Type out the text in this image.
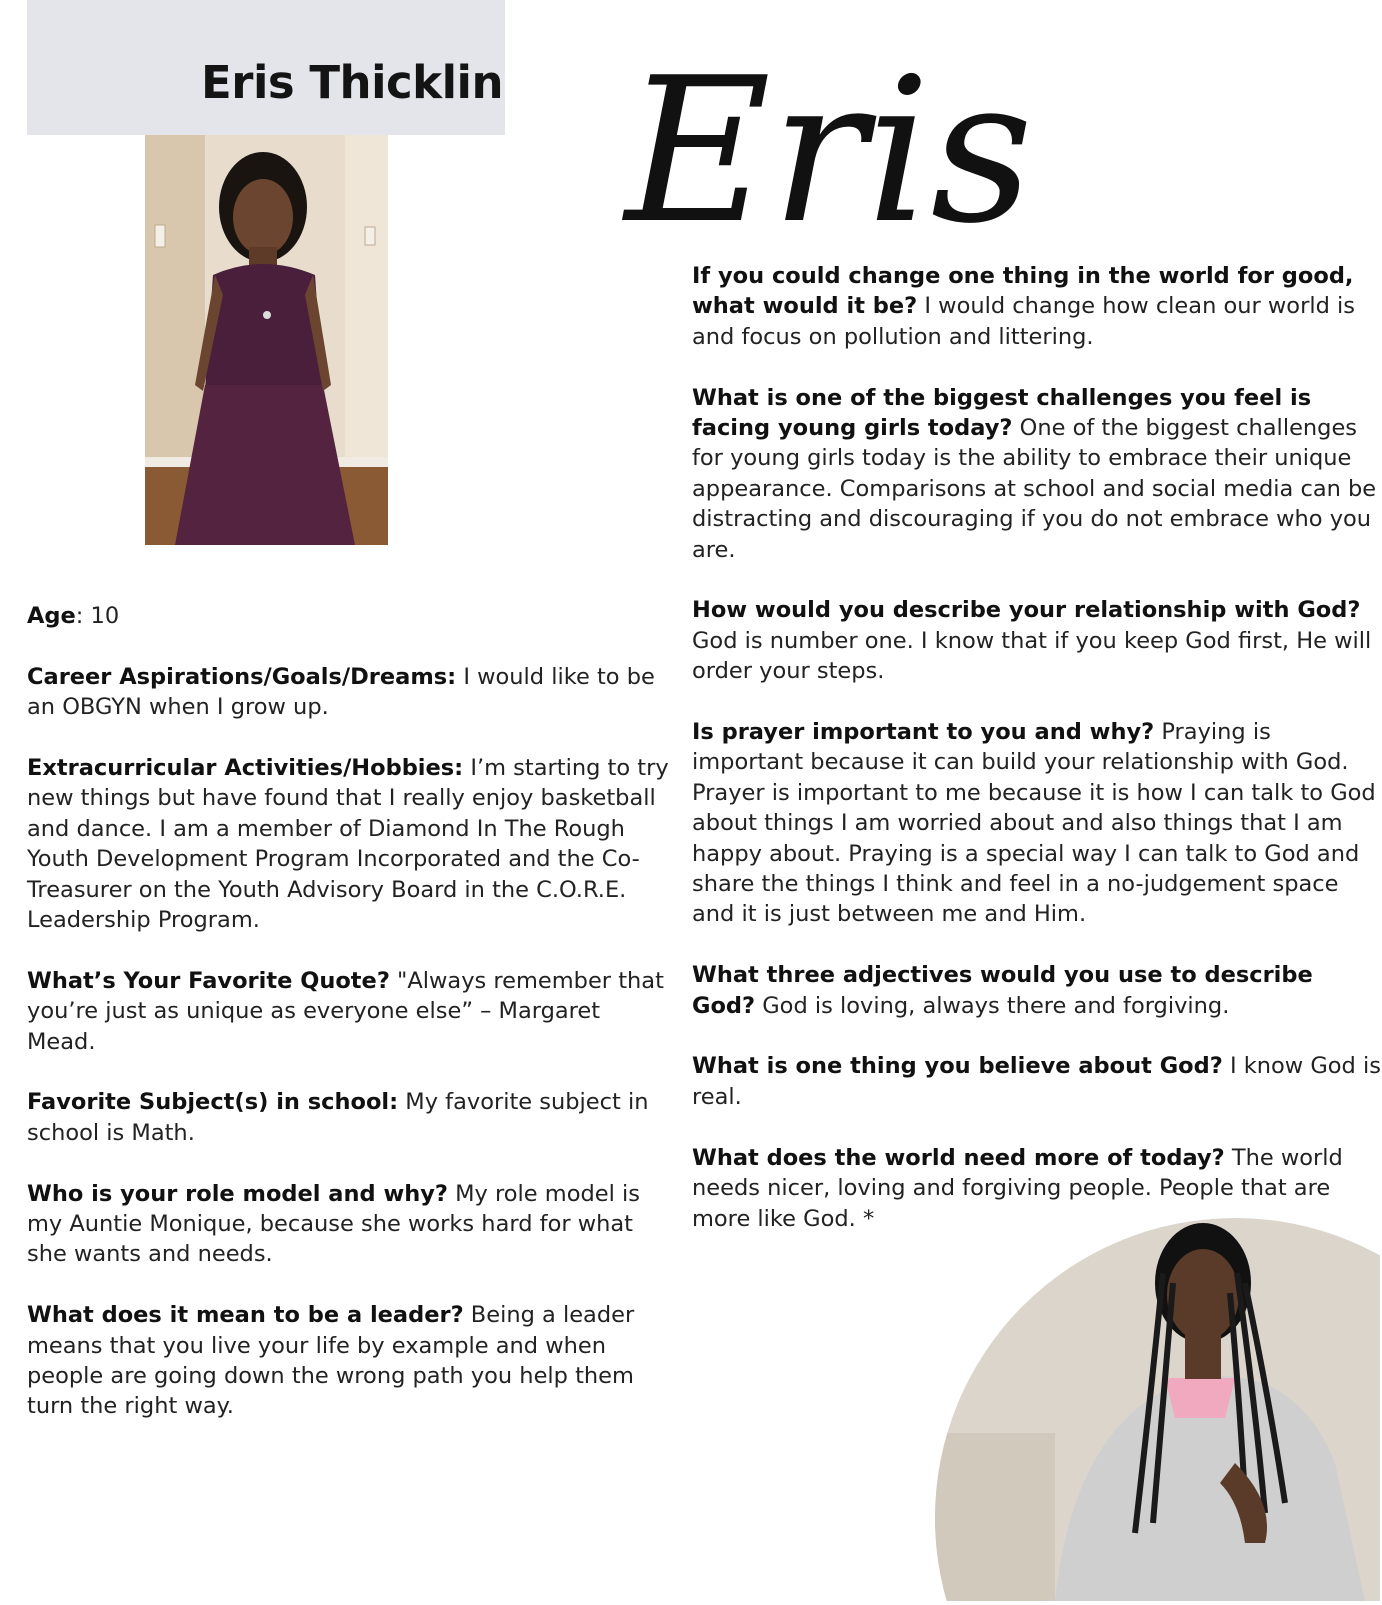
Eris Thicklin Eris

Age: 10

Career Aspirations/Goals/Dreams: I would like to be an OBGYN when I grow up.

Extracurricular Activities/Hobbies: I’m starting to try new things but have found that I really enjoy basketball and dance. I am a member of Diamond In The Rough Youth Development Program Incorporated and the Co-Treasurer on the Youth Advisory Board in the C.O.R.E. Leadership Program.

What’s Your Favorite Quote? "Always remember that you’re just as unique as everyone else” – Margaret Mead.

Favorite Subject(s) in school: My favorite subject in school is Math.

Who is your role model and why? My role model is my Auntie Monique, because she works hard for what she wants and needs.

What does it mean to be a leader? Being a leader means that you live your life by example and when people are going down the wrong path you help them turn the right way.

If you could change one thing in the world for good, what would it be? I would change how clean our world is and focus on pollution and littering.

What is one of the biggest challenges you feel is facing young girls today? One of the biggest challenges for young girls today is the ability to embrace their unique appearance. Comparisons at school and social media can be distracting and discouraging if you do not embrace who you are.

How would you describe your relationship with God? God is number one. I know that if you keep God first, He will order your steps.

Is prayer important to you and why? Praying is important because it can build your relationship with God. Prayer is important to me because it is how I can talk to God about things I am worried about and also things that I am happy about. Praying is a special way I can talk to God and share the things I think and feel in a no-judgement space and it is just between me and Him.

What three adjectives would you use to describe God? God is loving, always there and forgiving.

What is one thing you believe about God? I know God is real.

What does the world need more of today? The world needs nicer, loving and forgiving people. People that are more like God. *
